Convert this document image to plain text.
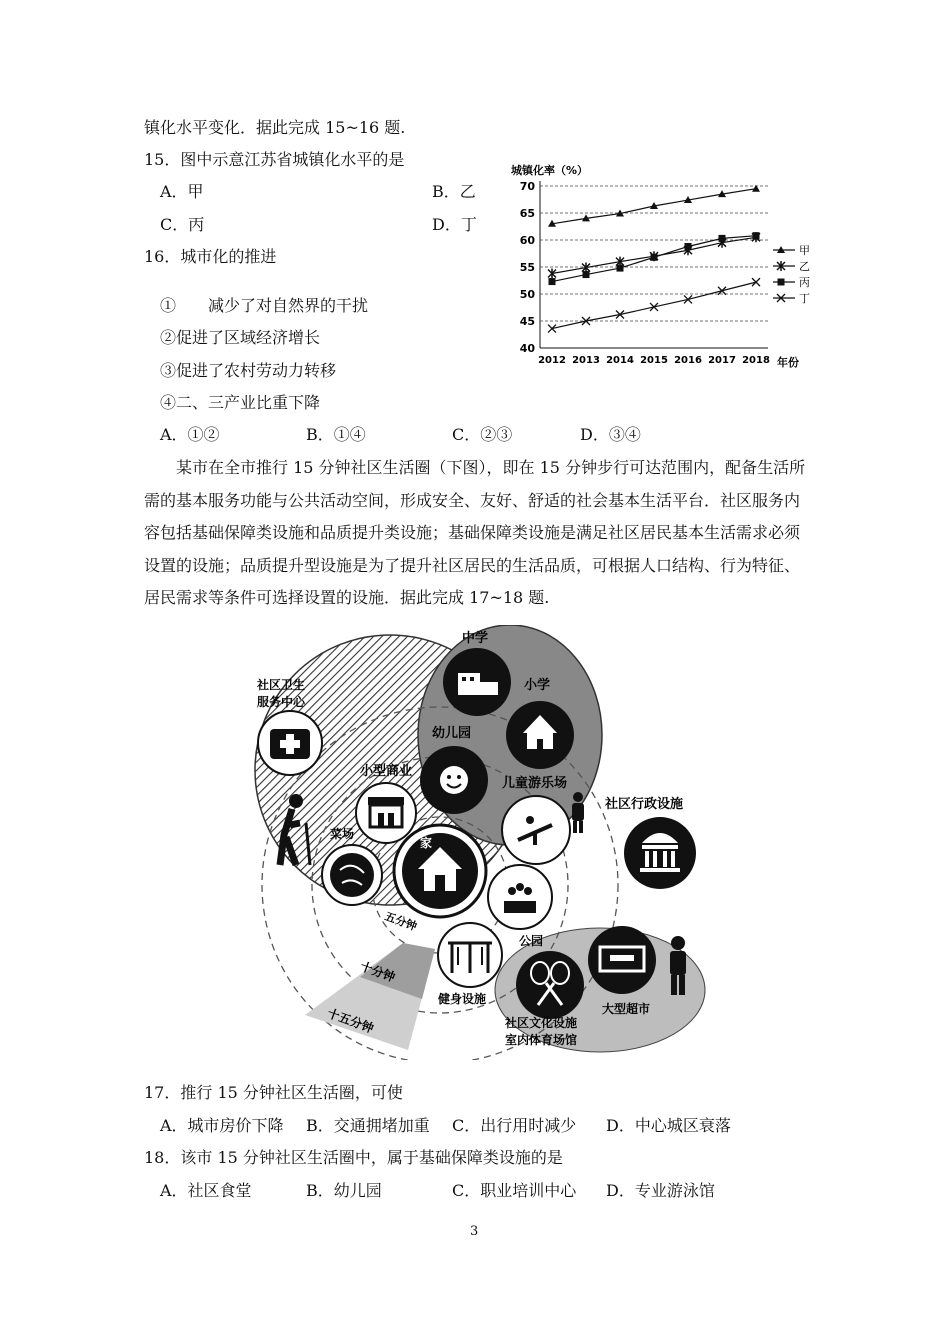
镇化水平变化．据此完成 15~16 题.
15．图中示意江苏省城镇化水平的是
A．甲	B．乙
C．丙	D．丁
16．城市化的推进
①　　减少了对自然界的干扰
②促进了区域经济增长
③促进了农村劳动力转移
④二、三产业比重下降
A．①②	B．①④	C．②③	D．③④
城镇化率（%）
年份
40
45
50
55
60
65
70
2012 2013 2014 2015 2016 2017 2018
甲
乙
丙
丁
某市在全市推行 15 分钟社区生活圈（下图），即在 15 分钟步行可达范围内，配备生活所需的基本服务功能与公共活动空间，形成安全、友好、舒适的社会基本生活平台．社区服务内容包括基础保障类设施和品质提升类设施；基础保障类设施是满足社区居民基本生活需求必须设置的设施；品质提升型设施是为了提升社区居民的生活品质，可根据人口结构、行为特征、居民需求等条件可选择设置的设施．据此完成 17~18 题.
五分钟
十分钟
十五分钟
中学
小学
社区卫生
服务中心
幼儿园
小型商业
儿童游乐场
社区行政设施
菜场
家
公园
健身设施
社区文化设施
室内体育场馆
大型超市
17．推行 15 分钟社区生活圈，可使
A．城市房价下降 B．交通拥堵加重 C．出行用时减少 D．中心城区衰落
18．该市 15 分钟社区生活圈中，属于基础保障类设施的是
A．社区食堂	B．幼儿园	C．职业培训中心 D．专业游泳馆
3
